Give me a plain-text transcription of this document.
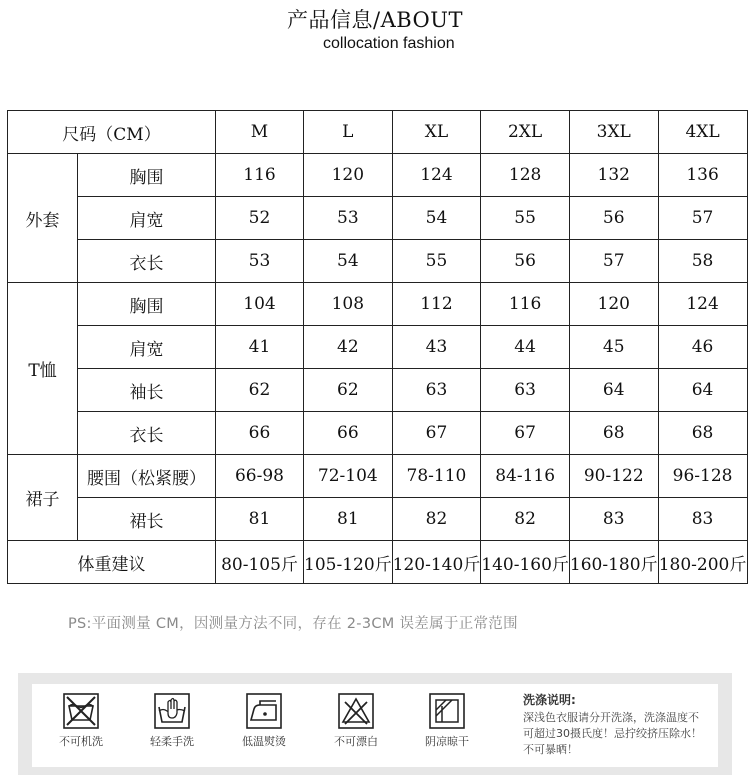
产品信息/ABOUT
collocation fashion
尺码（CM）		M	L	XL	2XL	3XL	4XL
外套	胸围	116	120	124	128	132	136
	肩宽	52	53	54	55	56	57
	衣长	53	54	55	56	57	58
T恤	胸围	104	108	112	116	120	124
	肩宽	41	42	43	44	45	46
	袖长	62	62	63	63	64	64
	衣长	66	66	67	67	68	68
裙子	腰围（松紧腰）	66-98	72-104	78-110	84-116	90-122	96-128
	裙长	81	81	82	82	83	83
体重建议		80-105斤	105-120斤	120-140斤	140-160斤	160-180斤	180-200斤
PS:平面测量 CM，因测量方法不同，存在 2-3CM 误差属于正常范围
不可机洗	轻柔手洗	低温熨烫	不可漂白	阴凉晾干
洗涤说明:
深浅色衣服请分开洗涤，洗涤温度不可超过30摄氏度！忌拧绞挤压除水！不可暴晒！
